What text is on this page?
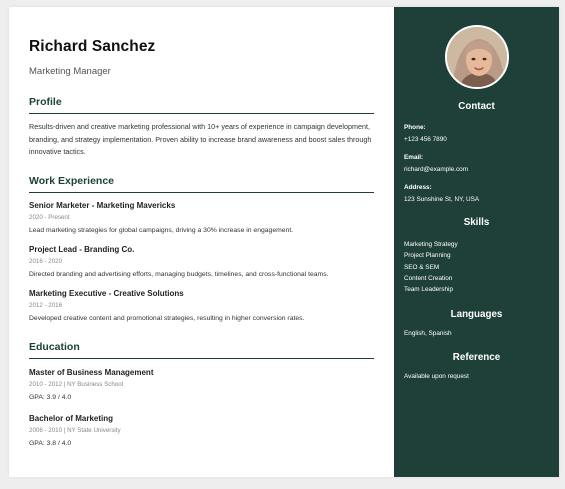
Richard Sanchez
Marketing Manager
Profile
Results-driven and creative marketing professional with 10+ years of experience in campaign development, branding, and strategy implementation. Proven ability to increase brand awareness and boost sales through innovative tactics.
Work Experience
Senior Marketer - Marketing Mavericks
2020 - Present
Lead marketing strategies for global campaigns, driving a 30% increase in engagement.
Project Lead - Branding Co.
2016 - 2020
Directed branding and advertising efforts, managing budgets, timelines, and cross-functional teams.
Marketing Executive - Creative Solutions
2012 - 2016
Developed creative content and promotional strategies, resulting in higher conversion rates.
Education
Master of Business Management
2010 - 2012 | NY Business School
GPA: 3.9 / 4.0
Bachelor of Marketing
2006 - 2010 | NY State University
GPA: 3.8 / 4.0
Contact
Phone:
+123 456 7890
Email:
richard@example.com
Address:
123 Sunshine St, NY, USA
Skills
Marketing Strategy
Project Planning
SEO & SEM
Content Creation
Team Leadership
Languages
English, Spanish
Reference
Available upon request
